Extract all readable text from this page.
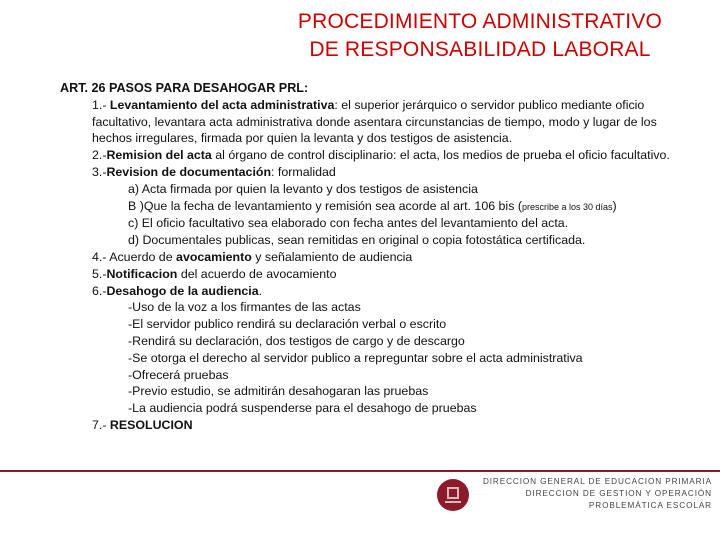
PROCEDIMIENTO ADMINISTRATIVO
DE RESPONSABILIDAD LABORAL

ART. 26 PASOS PARA DESAHOGAR PRL:

1.- Levantamiento del acta administrativa: el superior jerárquico o servidor publico mediante oficio facultativo, levantara acta administrativa donde asentara circunstancias de tiempo, modo y lugar de los hechos irregulares, firmada por quien la levanta y dos testigos de asistencia.

2.-Remision del acta al órgano de control disciplinario: el acta, los medios de prueba el oficio facultativo.

3.-Revision de documentación: formalidad

a) Acta firmada por quien la levanto y dos testigos de asistencia

B )Que la fecha de levantamiento y remisión sea acorde al art. 106 bis (prescribe a los 30 días)

c) El oficio facultativo sea elaborado con fecha antes del levantamiento del acta.

d) Documentales publicas, sean remitidas en original o copia fotostática certificada.

4.- Acuerdo de avocamiento y señalamiento de audiencia

5.-Notificacion del acuerdo de avocamiento

6.-Desahogo de la audiencia.

-Uso de la voz a los firmantes de las actas

-El servidor publico rendirá su declaración verbal o escrito

-Rendirá su declaración, dos testigos de cargo y de descargo

-Se otorga el derecho al servidor publico a repreguntar sobre el acta administrativa

-Ofrecerá pruebas

-Previo estudio, se admitirán desahogaran las pruebas

-La audiencia podrá suspenderse para el desahogo de pruebas

7.- RESOLUCION

· · · ·
DIRECCION GENERAL DE EDUCACION PRIMARIA
DIRECCION DE GESTION Y OPERACIÓN
PROBLEMÁTICA ESCOLAR
